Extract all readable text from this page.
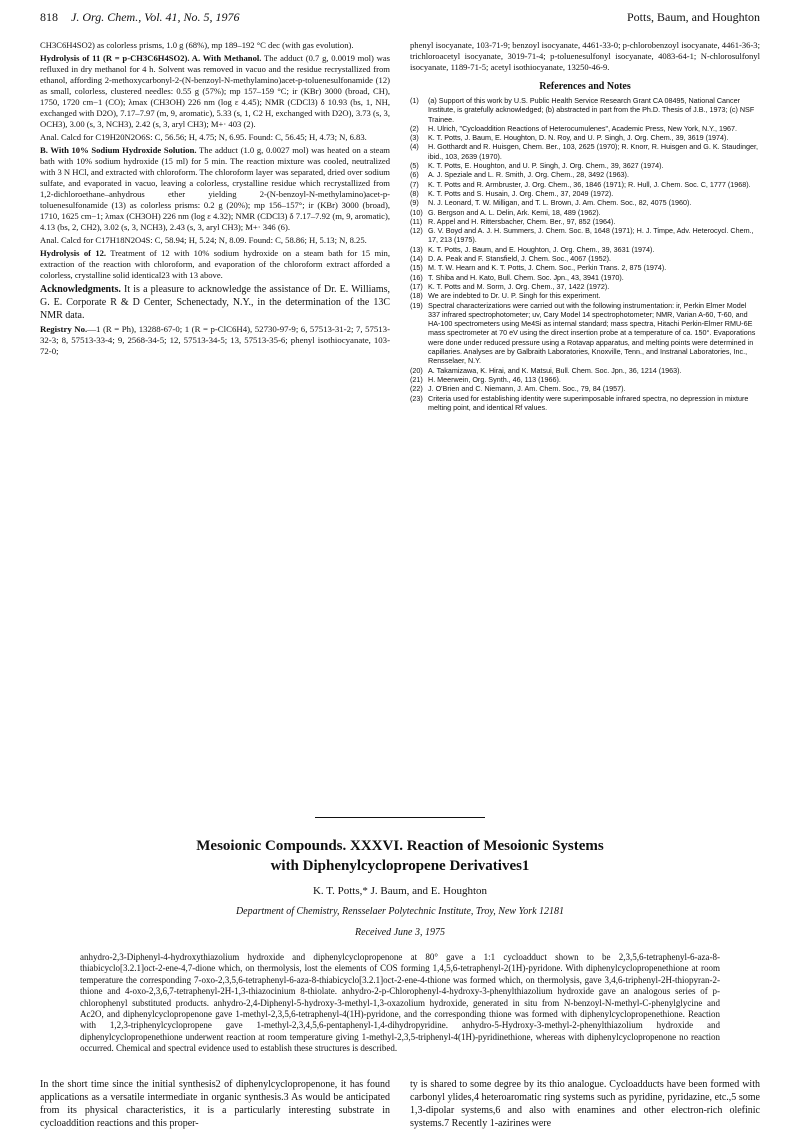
818 J. Org. Chem., Vol. 41, No. 5, 1976	Potts, Baum, and Houghton

CH3C6H4SO2) as colorless prisms, 1.0 g (68%), mp 189–192 °C dec (with gas evolution).

Hydrolysis of 11 (R = p-CH3C6H4SO2). A. With Methanol. The adduct (0.7 g, 0.0019 mol) was refluxed in dry methanol for 4 h. Solvent was removed in vacuo and the residue recrystallized from ethanol, affording 2-methoxycarbonyl-2-(N-benzoyl-N-methylamino)acet-p-toluenesulfonamide (12) as small, colorless, clustered needles: 0.55 g (57%); mp 157–159 °C; ir (KBr) 3000 (broad, CH), 1750, 1720 cm−1 (CO); λmax (CH3OH) 226 nm (log ε 4.45); NMR (CDCl3) δ 10.93 (bs, 1, NH, exchanged with D2O), 7.17–7.97 (m, 9, aromatic), 5.33 (s, 1, C2 H, exchanged with D2O), 3.73 (s, 3, OCH3), 3.00 (s, 3, NCH3), 2.42 (s, 3, aryl CH3); M+· 403 (2).

Anal. Calcd for C19H20N2O6S: C, 56.56; H, 4.75; N, 6.95. Found: C, 56.45; H, 4.73; N, 6.83.

B. With 10% Sodium Hydroxide Solution. The adduct (1.0 g, 0.0027 mol) was heated on a steam bath with 10% sodium hydroxide (15 ml) for 5 min. The reaction mixture was cooled, neutralized with 3 N HCl, and extracted with chloroform. The chloroform layer was separated, dried over sodium sulfate, and evaporated in vacuo, leaving a colorless, crystalline residue which recrystallized from 1,2-dichloroethane–anhydrous ether yielding 2-(N-benzoyl-N-methylamino)acet-p-toluenesulfonamide (13) as colorless prisms: 0.2 g (20%); mp 156–157°; ir (KBr) 3000 (broad), 1710, 1625 cm−1; λmax (CH3OH) 226 nm (log ε 4.32); NMR (CDCl3) δ 7.17–7.92 (m, 9, aromatic), 4.13 (bs, 2, CH2), 3.02 (s, 3, NCH3), 2.43 (s, 3, aryl CH3); M+· 346 (6).

Anal. Calcd for C17H18N2O4S: C, 58.94; H, 5.24; N, 8.09. Found: C, 58.86; H, 5.13; N, 8.25.

Hydrolysis of 12. Treatment of 12 with 10% sodium hydroxide on a steam bath for 15 min, extraction of the reaction with chloroform, and evaporation of the chloroform extract afforded a colorless, crystalline solid identical23 with 13 above.

Acknowledgments. It is a pleasure to acknowledge the assistance of Dr. E. Williams, G. E. Corporate R & D Center, Schenectady, N.Y., in the determination of the 13C NMR data.

Registry No.—1 (R = Ph), 13288-67-0; 1 (R = p-ClC6H4), 52730-97-9; 6, 57513-31-2; 7, 57513-32-3; 8, 57513-33-4; 9, 2568-34-5; 12, 57513-34-5; 13, 57513-35-6; phenyl isothiocyanate, 103-72-0;

phenyl isocyanate, 103-71-9; benzoyl isocyanate, 4461-33-0; p-chlorobenzoyl isocyanate, 4461-36-3; trichloroacetyl isocyanate, 3019-71-4; p-toluenesulfonyl isocyanate, 4083-64-1; N-chlorosulfonyl isocyanate, 1189-71-5; acetyl isothiocyanate, 13250-46-9.

References and Notes
(1)	(a) Support of this work by U.S. Public Health Service Research Grant CA 08495, National Cancer Institute, is gratefully acknowledged; (b) abstracted in part from the Ph.D. Thesis of J.B., 1973; (c) NSF Trainee.
(2)	H. Ulrich, "Cycloaddition Reactions of Heterocumulenes", Academic Press, New York, N.Y., 1967.
(3)	K. T. Potts, J. Baum, E. Houghton, D. N. Roy, and U. P. Singh, J. Org. Chem., 39, 3619 (1974).
(4)	H. Gotthardt and R. Huisgen, Chem. Ber., 103, 2625 (1970); R. Knorr, R. Huisgen and G. K. Staudinger, ibid., 103, 2639 (1970).
(5)	K. T. Potts, E. Houghton, and U. P. Singh, J. Org. Chem., 39, 3627 (1974).
(6)	A. J. Speziale and L. R. Smith, J. Org. Chem., 28, 3492 (1963).
(7)	K. T. Potts and R. Armbruster, J. Org. Chem., 36, 1846 (1971); R. Hull, J. Chem. Soc. C, 1777 (1968).
(8)	K. T. Potts and S. Husain, J. Org. Chem., 37, 2049 (1972).
(9)	N. J. Leonard, T. W. Milligan, and T. L. Brown, J. Am. Chem. Soc., 82, 4075 (1960).
(10) G. Bergson and A. L. Delin, Ark. Kemi, 18, 489 (1962).
(11) R. Appel and H. Rittersbacher, Chem. Ber., 97, 852 (1964).
(12) G. V. Boyd and A. J. H. Summers, J. Chem. Soc. B, 1648 (1971); H. J. Timpe, Adv. Heterocycl. Chem., 17, 213 (1975).
(13) K. T. Potts, J. Baum, and E. Houghton, J. Org. Chem., 39, 3631 (1974).
(14) D. A. Peak and F. Stansfield, J. Chem. Soc., 4067 (1952).
(15) M. T. W. Hearn and K. T. Potts, J. Chem. Soc., Perkin Trans. 2, 875 (1974).
(16) T. Shiba and H. Kato, Bull. Chem. Soc. Jpn., 43, 3941 (1970).
(17) K. T. Potts and M. Sorm, J. Org. Chem., 37, 1422 (1972).
(18) We are indebted to Dr. U. P. Singh for this experiment.
(19) Spectral characterizations were carried out with the following instrumentation: ir, Perkin Elmer Model 337 infrared spectrophotometer; uv, Cary Model 14 spectrophotometer; NMR, Varian A-60, T-60, and HA-100 spectrometers using Me4Si as internal standard; mass spectra, Hitachi Perkin-Elmer RMU-6E mass spectrometer at 70 eV using the direct insertion probe at a temperature of ca. 150°. Evaporations were done under reduced pressure using a Rotavap apparatus, and melting points were determined in capillaries. Analyses are by Galbraith Laboratories, Knoxville, Tenn., and Instranal Laboratories, Inc., Rensselaer, N.Y.
(20) A. Takamizawa, K. Hirai, and K. Matsui, Bull. Chem. Soc. Jpn., 36, 1214 (1963).
(21) H. Meerwein, Org. Synth., 46, 113 (1966).
(22) J. O'Brien and C. Niemann, J. Am. Chem. Soc., 79, 84 (1957).
(23) Criteria used for establishing identity were superimposable infrared spectra, no depression in mixture melting point, and identical Rf values.
Mesoionic Compounds. XXXVI. Reaction of Mesoionic Systems
with Diphenylcyclopropene Derivatives1
K. T. Potts,* J. Baum, and E. Houghton
Department of Chemistry, Rensselaer Polytechnic Institute, Troy, New York 12181
Received June 3, 1975
anhydro-2,3-Diphenyl-4-hydroxythiazolium hydroxide and diphenylcyclopropenone at 80° gave a 1:1 cycloadduct shown to be 2,3,5,6-tetraphenyl-6-aza-8-thiabicyclo[3.2.1]oct-2-ene-4,7-dione which, on thermolysis, lost the elements of COS forming 1,4,5,6-tetraphenyl-2(1H)-pyridone. With diphenylcyclopropenethione at room temperature the corresponding 7-oxo-2,3,5,6-tetraphenyl-6-aza-8-thiabicyclo[3.2.1]oct-2-ene-4-thione was formed which, on thermolysis, gave 3,4,6-triphenyl-2H-thiopyran-2-thione and 4-oxo-2,3,6,7-tetraphenyl-2H-1,3-thiazocinium 8-thiolate. anhydro-2-p-Chlorophenyl-4-hydroxy-3-phenylthiazolium hydroxide gave an analogous series of p-chlorophenyl substituted products. anhydro-2,4-Diphenyl-5-hydroxy-3-methyl-1,3-oxazolium hydroxide, generated in situ from N-benzoyl-N-methyl-C-phenylglycine and Ac2O, and diphenylcyclopropenone gave 1-methyl-2,3,5,6-tetraphenyl-4(1H)-pyridone, and the corresponding thione was formed with diphenylcyclopropenethione. Reaction with 1,2,3-triphenylcyclopropene gave 1-methyl-2,3,4,5,6-pentaphenyl-1,4-dihydropyridine. anhydro-5-Hydroxy-3-methyl-2-phenylthiazolium hydroxide and diphenylcyclopropenethione underwent reaction at room temperature giving 1-methyl-2,3,5-triphenyl-4(1H)-pyridinethione, whereas with diphenylcyclopropenone no reaction occurred. Chemical and spectral evidence used to establish these structures is described.
In the short time since the initial synthesis2 of diphenylcyclopropenone, it has found applications as a versatile intermediate in organic synthesis.3 As would be anticipated from its physical characteristics, it is a particularly interesting substrate in cycloaddition reactions and this proper-
ty is shared to some degree by its thio analogue. Cycloadducts have been formed with carbonyl ylides,4 heteroaromatic ring systems such as pyridine, pyridazine, etc.,5 some 1,3-dipolar systems,6 and also with enamines and other electron-rich olefinic systems.7 Recently 1-azirines were
